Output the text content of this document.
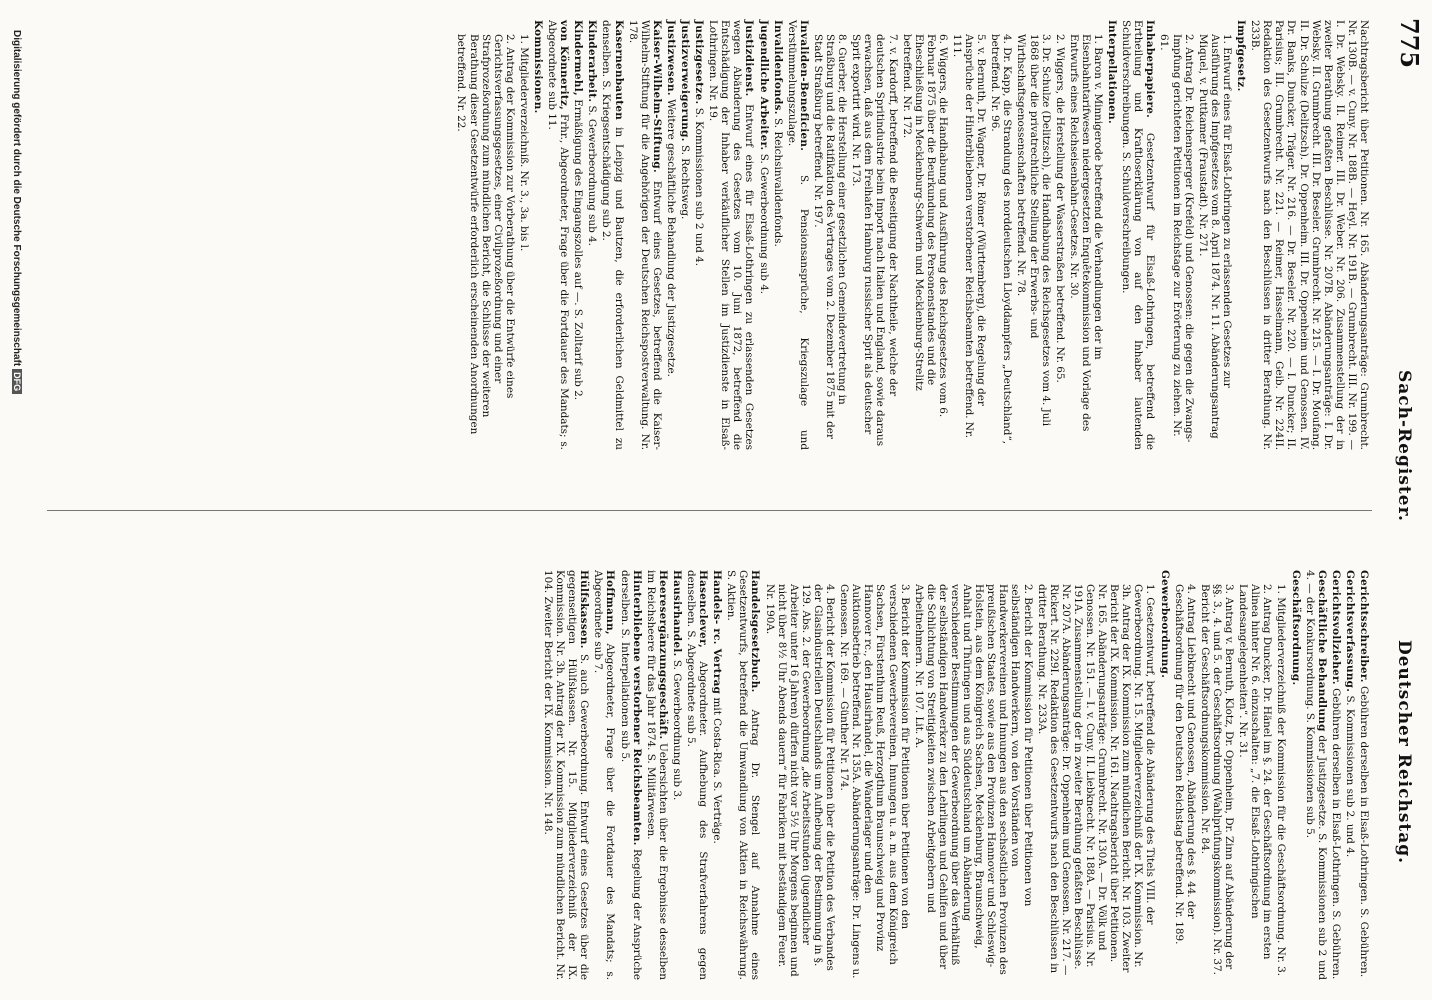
Deutscher Reichstag.
Sach-Register.
775
Gerichtsschreiber. Gebühren derselben in Elsaß-Lothringen. S. Gebühren.
Gerichtsverfassung. S. Kommissionen sub 2. und 4.
Gerichtsvollzieher. Gebühren derselben in Elsaß-Lothringen. S. Gebühren.
Geschäftliche Behandlung der Justizgesetze. S. Kommissionen sub 2 und 4. — der Konkursordnung. S. Kommissionen sub 5.
Geschäftsordnung.
1. Mitgliederverzeichniß der Kommission für die Geschäftsordnung. Nr. 3.
2. Antrag Duncker, Dr. Hänel im §. 24. der Geschäftsordnung im ersten Alinea hinter Nr. 6. einzuschalten: „7. die Elsaß-Lothringischen Landesangelegenheiten“. Nr. 31.
3. Antrag v. Bernuth, Klotz, Dr. Oppenheim, Dr. Zinn auf Abänderung der §§. 3., 4. und 5. der Geschäftsordnung (Wahlprüfungskommission). Nr. 37. Bericht der Geschäftsordnungskommission. Nr. 84.
4. Antrag Liebknecht und Genossen, Abänderung des §. 44. der Geschäftsordnung für den Deutschen Reichstag betreffend. Nr. 189.
Gewerbeordnung.
1. Gesetzentwurf, betreffend die Abänderung des Titels VIII. der Gewerbeordnung. Nr. 15. Mitgliederverzeichniß der IX. Kommission. Nr. 3h. Antrag der IX. Kommission zum mündlichen Bericht. Nr. 103. Zweiter Bericht der IX. Kommission. Nr. 161. Nachtragsbericht über Petitionen. Nr. 165. Abänderungsanträge: Grumbrecht. Nr. 130A. — Dr. Völk und Genossen. Nr. 151. — I. v. Cuny. II. Liebknecht. Nr. 188A. — Parisius. Nr. 191A. Zusammenstellung der in zweiter Berathung gefaßten Beschlüsse. Nr. 207A. Abänderungsanträge: Dr. Oppenheim und Genossen. Nr. 217. — Rickert. Nr. 229I. Redaktion des Gesetzentwurfs nach den Beschlüssen in dritter Berathung. Nr. 233A.
2. Bericht der Kommission für Petitionen über Petitionen von selbständigen Handwerkern, von den Vorständen von Handwerkervereinen und Innungen aus den sechsöstlichen Provinzen des preußischen Staates, sowie aus den Provinzen Hannover und Schleswig-Holstein, aus dem Königreich Sachsen, Mecklenburg, Braunschweig, Anhalt und Thüringen und aus Süddeutschland um Abänderung verschiedener Bestimmungen der Gewerbeordnung über das Verhältniß der selbständigen Handwerker zu den Lehrlingen und Gehilfen und über die Schlichtung von Streitigkeiten zwischen Arbeitgebern und Arbeitnehmern. Nr. 107. Lit. A.
3. Bericht der Kommission für Petitionen über Petitionen von den verschiedenen Gewerbevereinen, Innungen u. a. m. aus dem Königreich Sachsen, Fürstenthum Reuß, Herzogthum Braunschweig und Provinz Hannover rc., den Hausirhandel, die Wanderlager und den Auktionsbetrieb betreffend. Nr. 135A. Abänderungsanträge: Dr. Lingens u. Genossen. Nr. 169. — Günther Nr. 174.
4. Bericht der Kommission für Petitionen über die Petition des Verbandes der Glasindustriellen Deutschlands um Aufhebung der Bestimmung in §. 129. Abs. 2. der Gewerbeordnung „die Arbeitsstunden (jugendlicher Arbeiter unter 16 Jahren) dürfen nicht vor 5½ Uhr Morgens beginnen und nicht über 8½ Uhr Abends dauern“ für Fabriken mit beständigem Feuer. Nr. 190A.
Handelsgesetzbuch. Antrag Dr. Stengel auf Annahme eines Gesetzentwurfs, betreffend die Umwandlung von Aktien in Reichswährung. S. Aktien.
Handels- rc. Vertrag mit Costa-Rica. S. Verträge.
Hasenclever, Abgeordneter. Aufhebung des Strafverfahrens gegen denselben. S. Abgeordnete sub 5.
Hausirhandel. S. Gewerbeordnung sub 3.
Heeresergänzungsgeschäft. Uebersichten über die Ergebnisse desselben im Reichsheere für das Jahr 1874. S. Militärwesen.
Hinterbliebene verstorbener Reichsbeamten. Regelung der Ansprüche derselben. S. Interpellationen sub 5.
Hoffmann, Abgeordneter, Frage über die Fortdauer des Mandats; s. Abgeordnete sub 7.
Hülfskassen. S. auch Gewerbeordnung. Entwurf eines Gesetzes über die gegenseitigen Hülfskassen. Nr. 15. Mitgliederverzeichniß der IX. Kommission. Nr. 3h. Antrag der IX. Kommission zum mündlichen Bericht. Nr. 104. Zweiter Bericht der IX. Kommission. Nr. 148.
Nachtragsbericht über Petitionen. Nr. 165. Abänderungsanträge: Grumbrecht. Nr. 130B. — v. Cuny. Nr. 188B. — Heyl. Nr. 191B. — Grumbrecht. III. Nr. 199. — I. Dr. Websky. II. Reimer. III. Dr. Weber. Nr. 206. Zusammenstellung der in zweiter Berathung gefaßten Beschlüsse. Nr. 207B. Abänderungsanträge: I. Dr. Websky. II. Grumbrecht. III. Dr. Beseler. Grumbrecht. Nr. 215. — I. Dr. Moufang. II. Dr. Schulze (Delitzsch). Dr. Oppenheim. III. Dr. Oppenheim und Genossen. IV. Dr. Banks, Duncker, Träger. Nr. 216. — Dr. Beseler. Nr. 220. — I. Duncker; II. Parisius; III. Grumbrecht. Nr. 221. — Reimer, Hasselmann, Geib. Nr. 224II. Redaktion des Gesetzentwurfs nach den Beschlüssen in dritter Berathung. Nr. 233B.
Impfgesetz.
1. Entwurf eines für Elsaß-Lothringen zu erlassenden Gesetzes zur Ausführung des Impfgesetzes vom 8. April 1874. Nr. 11. Abänderungsantrag Miquel, v. Puttkamer (Fraustadt). Nr. 271.
2. Antrag Dr. Reichensperger (Krefeld) und Genossen: die gegen die Zwangs-Impfung gerichteten Petitionen im Reichstage zur Erörterung zu ziehen. Nr. 61.
Inhaberpapiere. Gesetzentwurf für Elsaß-Lothringen, betreffend die Ertheilung und Kraftloserklärung von auf den Inhaber lautenden Schuldverschreibungen. S. Schuldverschreibungen.
Interpellationen.
1. Baron v. Minnigerode betreffend die Verhandlungen der im Eisenbahntarifwesen niedergesetzten Enquêtekommission und Vorlage des Entwurfs eines Reichseisenbahn-Gesetzes. Nr. 30.
2. Wiggers, die Herstellung der Wasserstraßen betreffend. Nr. 65.
3. Dr. Schulze (Delitzsch), die Handhabung des Reichsgesetzes vom 4. Juli 1868 über die privatrechtliche Stellung der Erwerbs- und Wirthschaftsgenossenschaften betreffend. Nr. 78.
4. Dr. Kapp, die Strandung des norddeutschen Lloyddampfers „Deutschland“, betreffend. Nr. 96.
5. v. Bernuth, Dr. Wagner, Dr. Römer (Württemberg), die Regelung der Ansprüche der Hinterbliebenen verstorbener Reichsbeamten betreffend. Nr. 111.
6. Wiggers, die Handhabung und Ausführung des Reichsgesetzes vom 6. Februar 1875 über die Beurkundung des Personenstandes und die Eheschließung in Mecklenburg-Schwerin und Mecklenburg-Strelitz betreffend. Nr. 172.
7. v. Kardorff, betreffend die Beseitigung der Nachtheile, welche der deutschen Spritindustrie beim Import nach Italien und England, sowie daraus erwachsen, daß aus dem Freihafen Hamburg russischer Sprit als deutscher Sprit exportirt wird. Nr. 173.
8. Guerber, die Herstellung einer gesetzlichen Gemeindevertretung in Straßburg und die Ratifikation des Vertrages vom 2. Dezember 1875 mit der Stadt Straßburg betreffend. Nr. 197.
Invaliden-Beneficien. S. Pensionsansprüche, Kriegszulage und Verstümmelungszulage.
Invalidenfonds. S. Reichsinvalidenfonds.
Jugendliche Arbeiter. S. Gewerbeordnung sub 4.
Justizdienst. Entwurf eines für Elsaß-Lothringen zu erlassenden Gesetzes wegen Abänderung des Gesetzes vom 10. Juni 1872, betreffend die Entschädigung der Inhaber verkäuflicher Stellen im Justizdienste in Elsaß-Lothringen. Nr. 19.
Justizgesetze. S. Kommissionen sub 2 und 4.
Justizverweigerung. S. Rechtsweg.
Justizwesen. Weitere geschäftliche Behandlung der Justizgesetze.
Kaiser-Wilhelm-Stiftung. Entwurf eines Gesetzes, betreffend die Kaiser-Wilhelm-Stiftung für die Angehörigen der Deutschen Reichspostverwaltung. Nr. 178.
Kasernenbauten in Leipzig und Bautzen, die erforderlichen Geldmittel zu denselben. S. Kriegsentschädigung sub 2.
Kinderarbeit. S. Gewerbeordnung sub 4.
Kindermehl, Ermäßigung des Eingangszolles auf —. S. Zolltarif sub 2.
von Könneritz, Frhr., Abgeordneter, Frage über die Fortdauer des Mandats; s. Abgeordnete sub 11.
Kommissionen.
1. Mitgliederverzeichniß. Nr. 3., 3a. bis l.
2. Antrag der Kommission zur Vorberathung über die Entwürfe eines Gerichtsverfassungsgesetzes, einer Civilprozeßordnung und einer Strafprozeßordnung zum mündlichen Bericht, die Schlüsse der weiteren Berathung dieser Gesetzentwürfe erforderlich erscheinenden Anordnungen betreffend. Nr. 22.
Digitalisierung gefördert durch die Deutsche ForschungsgemeinschaftDFG
